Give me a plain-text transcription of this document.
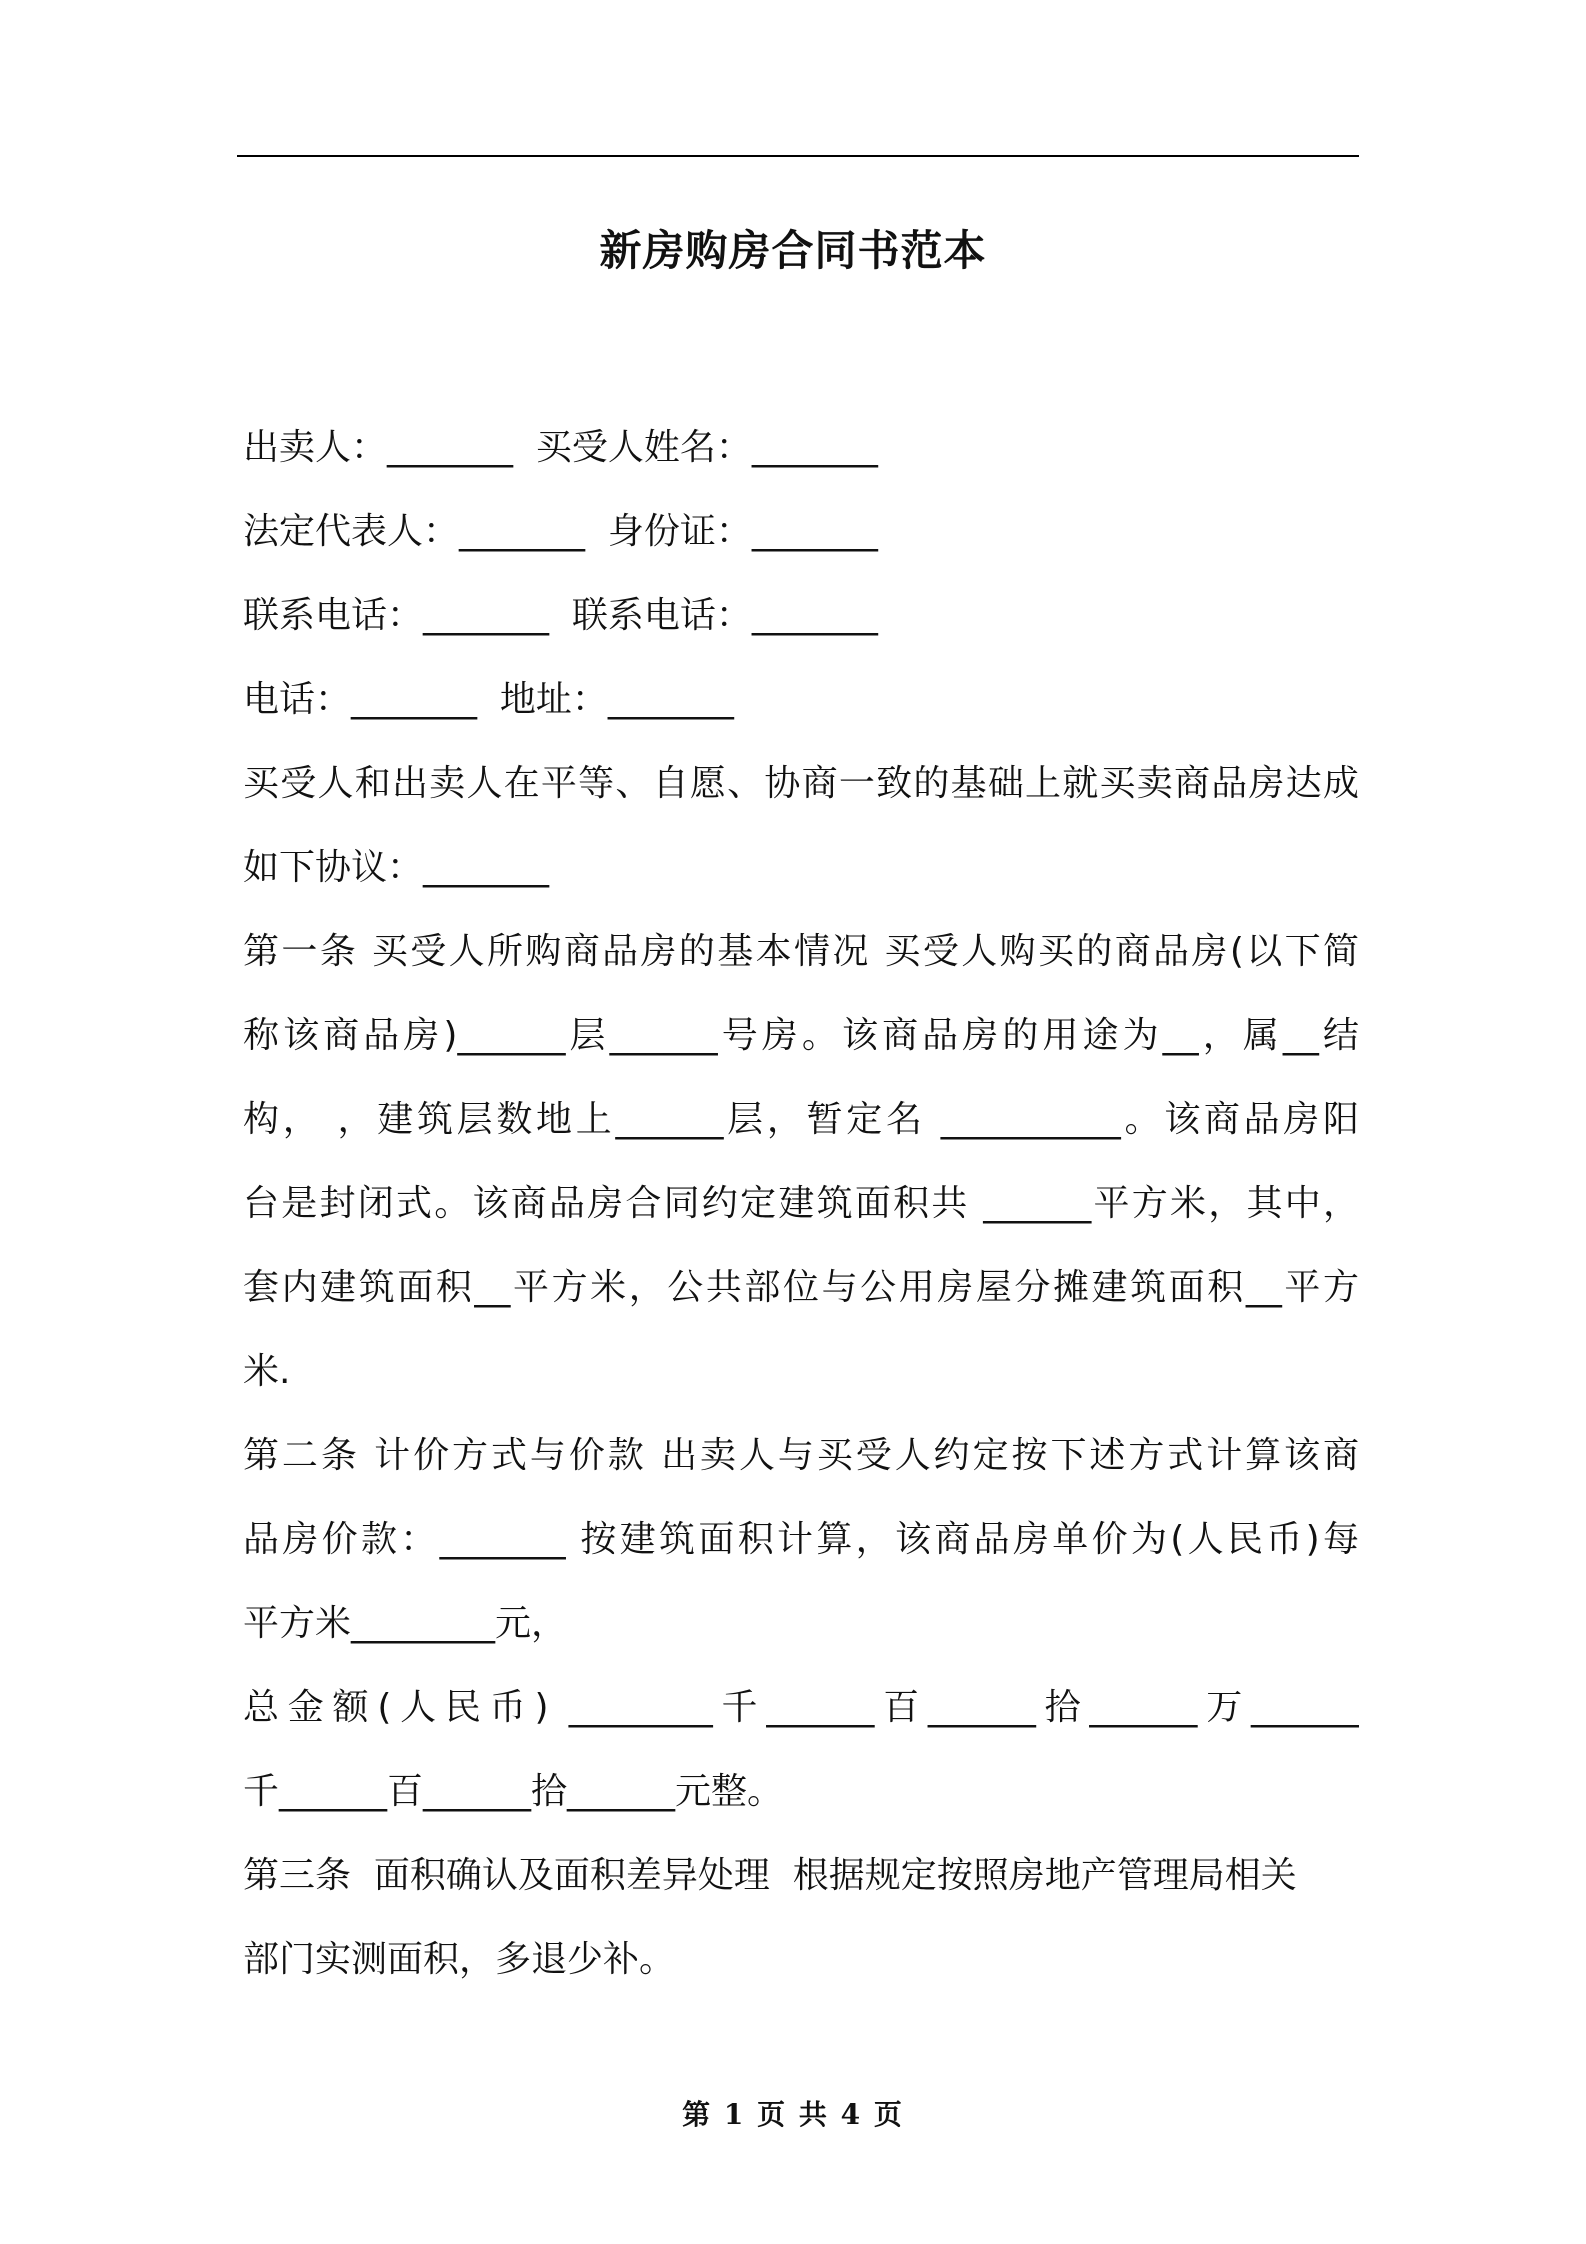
新房购房合同书范本
出卖人：_______  买受人姓名：_______
法定代表人：_______  身份证：_______
联系电话：_______  联系电话：_______
电话：_______  地址：_______
买受人和出卖人在平等、自愿、协商一致的基础上就买卖商品房达成
如下协议：_______
第一条 买受人所购商品房的基本情况 买受人购买的商品房(以下简
称该商品房)______层______号房。该商品房的用途为__，属__结
构， ，建筑层数地上______层，暂定名 __________。该商品房阳
台是封闭式。该商品房合同约定建筑面积共 ______平方米，其中，
套内建筑面积__平方米，公共部位与公用房屋分摊建筑面积__平方
米.
第二条 计价方式与价款 出卖人与买受人约定按下述方式计算该商
品房价款：_______ 按建筑面积计算，该商品房单价为(人民币)每
平方米________元，
总金额(人民币) ________千______百______拾______万______
千______百______拾______元整。
第三条  面积确认及面积差异处理  根据规定按照房地产管理局相关
部门实测面积，多退少补。
第 1 页 共 4 页
